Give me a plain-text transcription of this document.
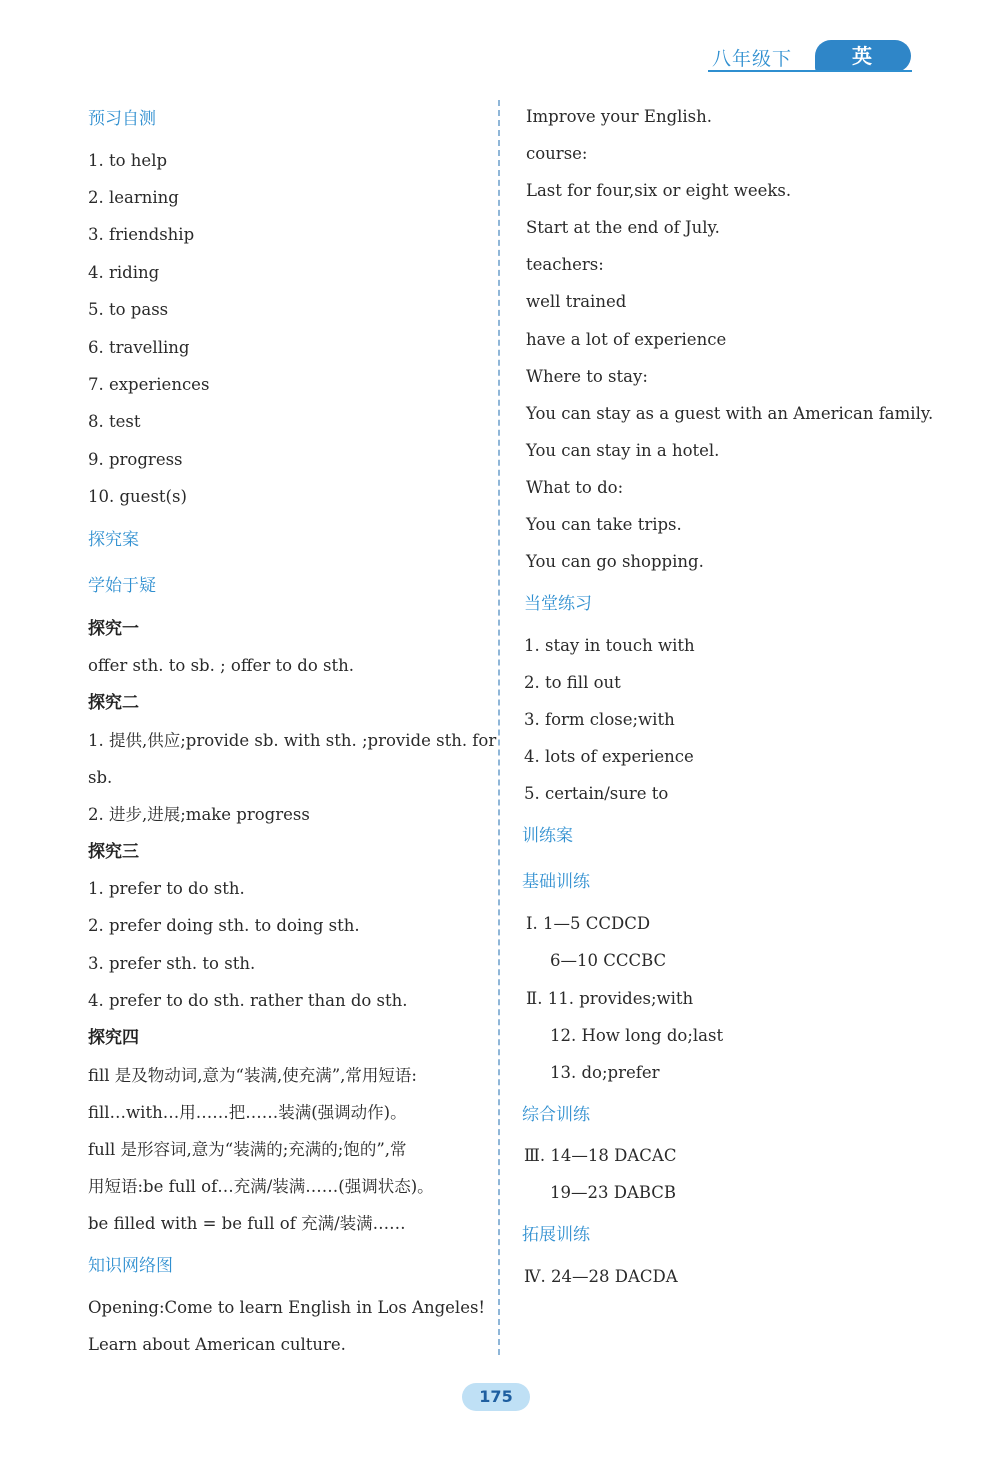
八年级下	英 语
预习自测
1. to help
2. learning
3. friendship
4. riding
5. to pass
6. travelling
7. experiences
8. test
9. progress
10. guest(s)
探究案
学始于疑
探究一
offer sth. to sb. ; offer to do sth.
探究二
1. 提供,供应;provide sb. with sth. ;provide sth. for
sb.
2. 进步,进展;make progress
探究三
1. prefer to do sth.
2. prefer doing sth. to doing sth.
3. prefer sth. to sth.
4. prefer to do sth. rather than do sth.
探究四
fill 是及物动词,意为“装满,使充满”,常用短语:
fill…with…用……把……装满(强调动作)。
full 是形容词,意为“装满的;充满的;饱的”,常
用短语:be full of…充满/装满……(强调状态)。
be filled with = be full of 充满/装满……
知识网络图
Opening:Come to learn English in Los Angeles!
Learn about American culture.
Improve your English.
course:
Last for four,six or eight weeks.
Start at the end of July.
teachers:
well trained
have a lot of experience
Where to stay:
You can stay as a guest with an American family.
You can stay in a hotel.
What to do:
You can take trips.
You can go shopping.
当堂练习
1. stay in touch with
2. to fill out
3. form close;with
4. lots of experience
5. certain/sure to
训练案
基础训练
Ⅰ. 1—5 CCDCD
6—10 CCCBC
Ⅱ. 11. provides;with
12. How long do;last
13. do;prefer
综合训练
Ⅲ. 14—18 DACAC
19—23 DABCB
拓展训练
Ⅳ. 24—28 DACDA
175
